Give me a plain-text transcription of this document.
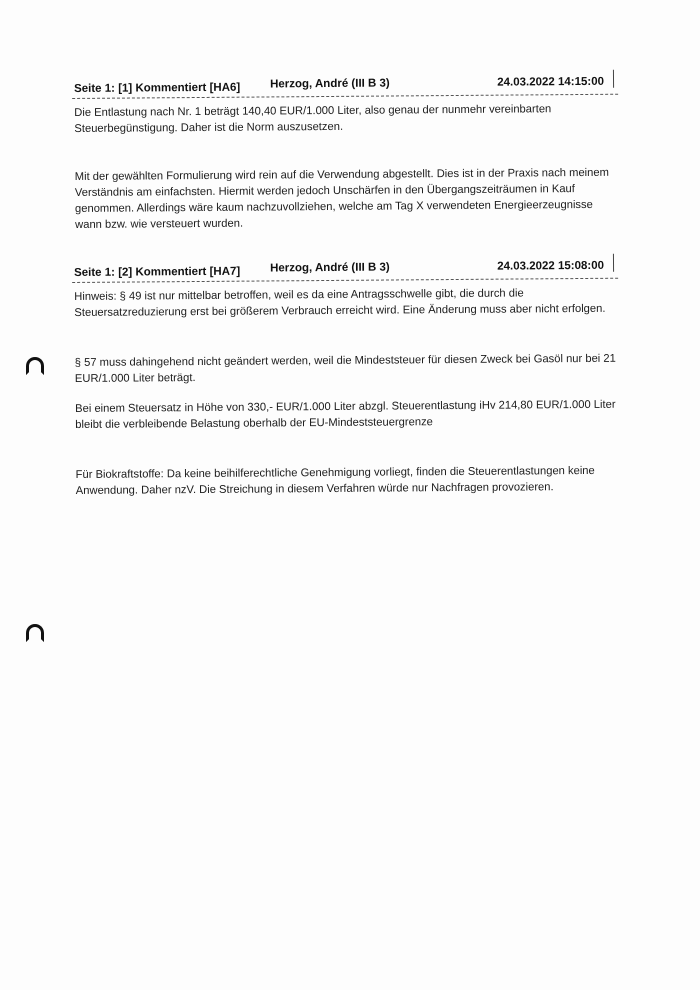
Seite 1: [1] Kommentiert [HA6]	Herzog, André (III B 3)	24.03.2022 14:15:00

Die Entlastung nach Nr. 1 beträgt 140,40 EUR/1.000 Liter, also genau der nunmehr vereinbarten Steuerbegünstigung. Daher ist die Norm auszusetzen.

Mit der gewählten Formulierung wird rein auf die Verwendung abgestellt. Dies ist in der Praxis nach meinem Verständnis am einfachsten. Hiermit werden jedoch Unschärfen in den Übergangszeiträumen in Kauf genommen. Allerdings wäre kaum nachzuvollziehen, welche am Tag X verwendeten Energieerzeugnisse wann bzw. wie versteuert wurden.

Seite 1: [2] Kommentiert [HA7]	Herzog, André (III B 3)	24.03.2022 15:08:00

Hinweis: § 49 ist nur mittelbar betroffen, weil es da eine Antragsschwelle gibt, die durch die Steuersatzreduzierung erst bei größerem Verbrauch erreicht wird. Eine Änderung muss aber nicht erfolgen.

§ 57 muss dahingehend nicht geändert werden, weil die Mindeststeuer für diesen Zweck bei Gasöl nur bei 21 EUR/1.000 Liter beträgt.

Bei einem Steuersatz in Höhe von 330,- EUR/1.000 Liter abzgl. Steuerentlastung iHv 214,80 EUR/1.000 Liter bleibt die verbleibende Belastung oberhalb der EU-Mindeststeuergrenze

Für Biokraftstoffe: Da keine beihilferechtliche Genehmigung vorliegt, finden die Steuerentlastungen keine Anwendung. Daher nzV. Die Streichung in diesem Verfahren würde nur Nachfragen provozieren.
